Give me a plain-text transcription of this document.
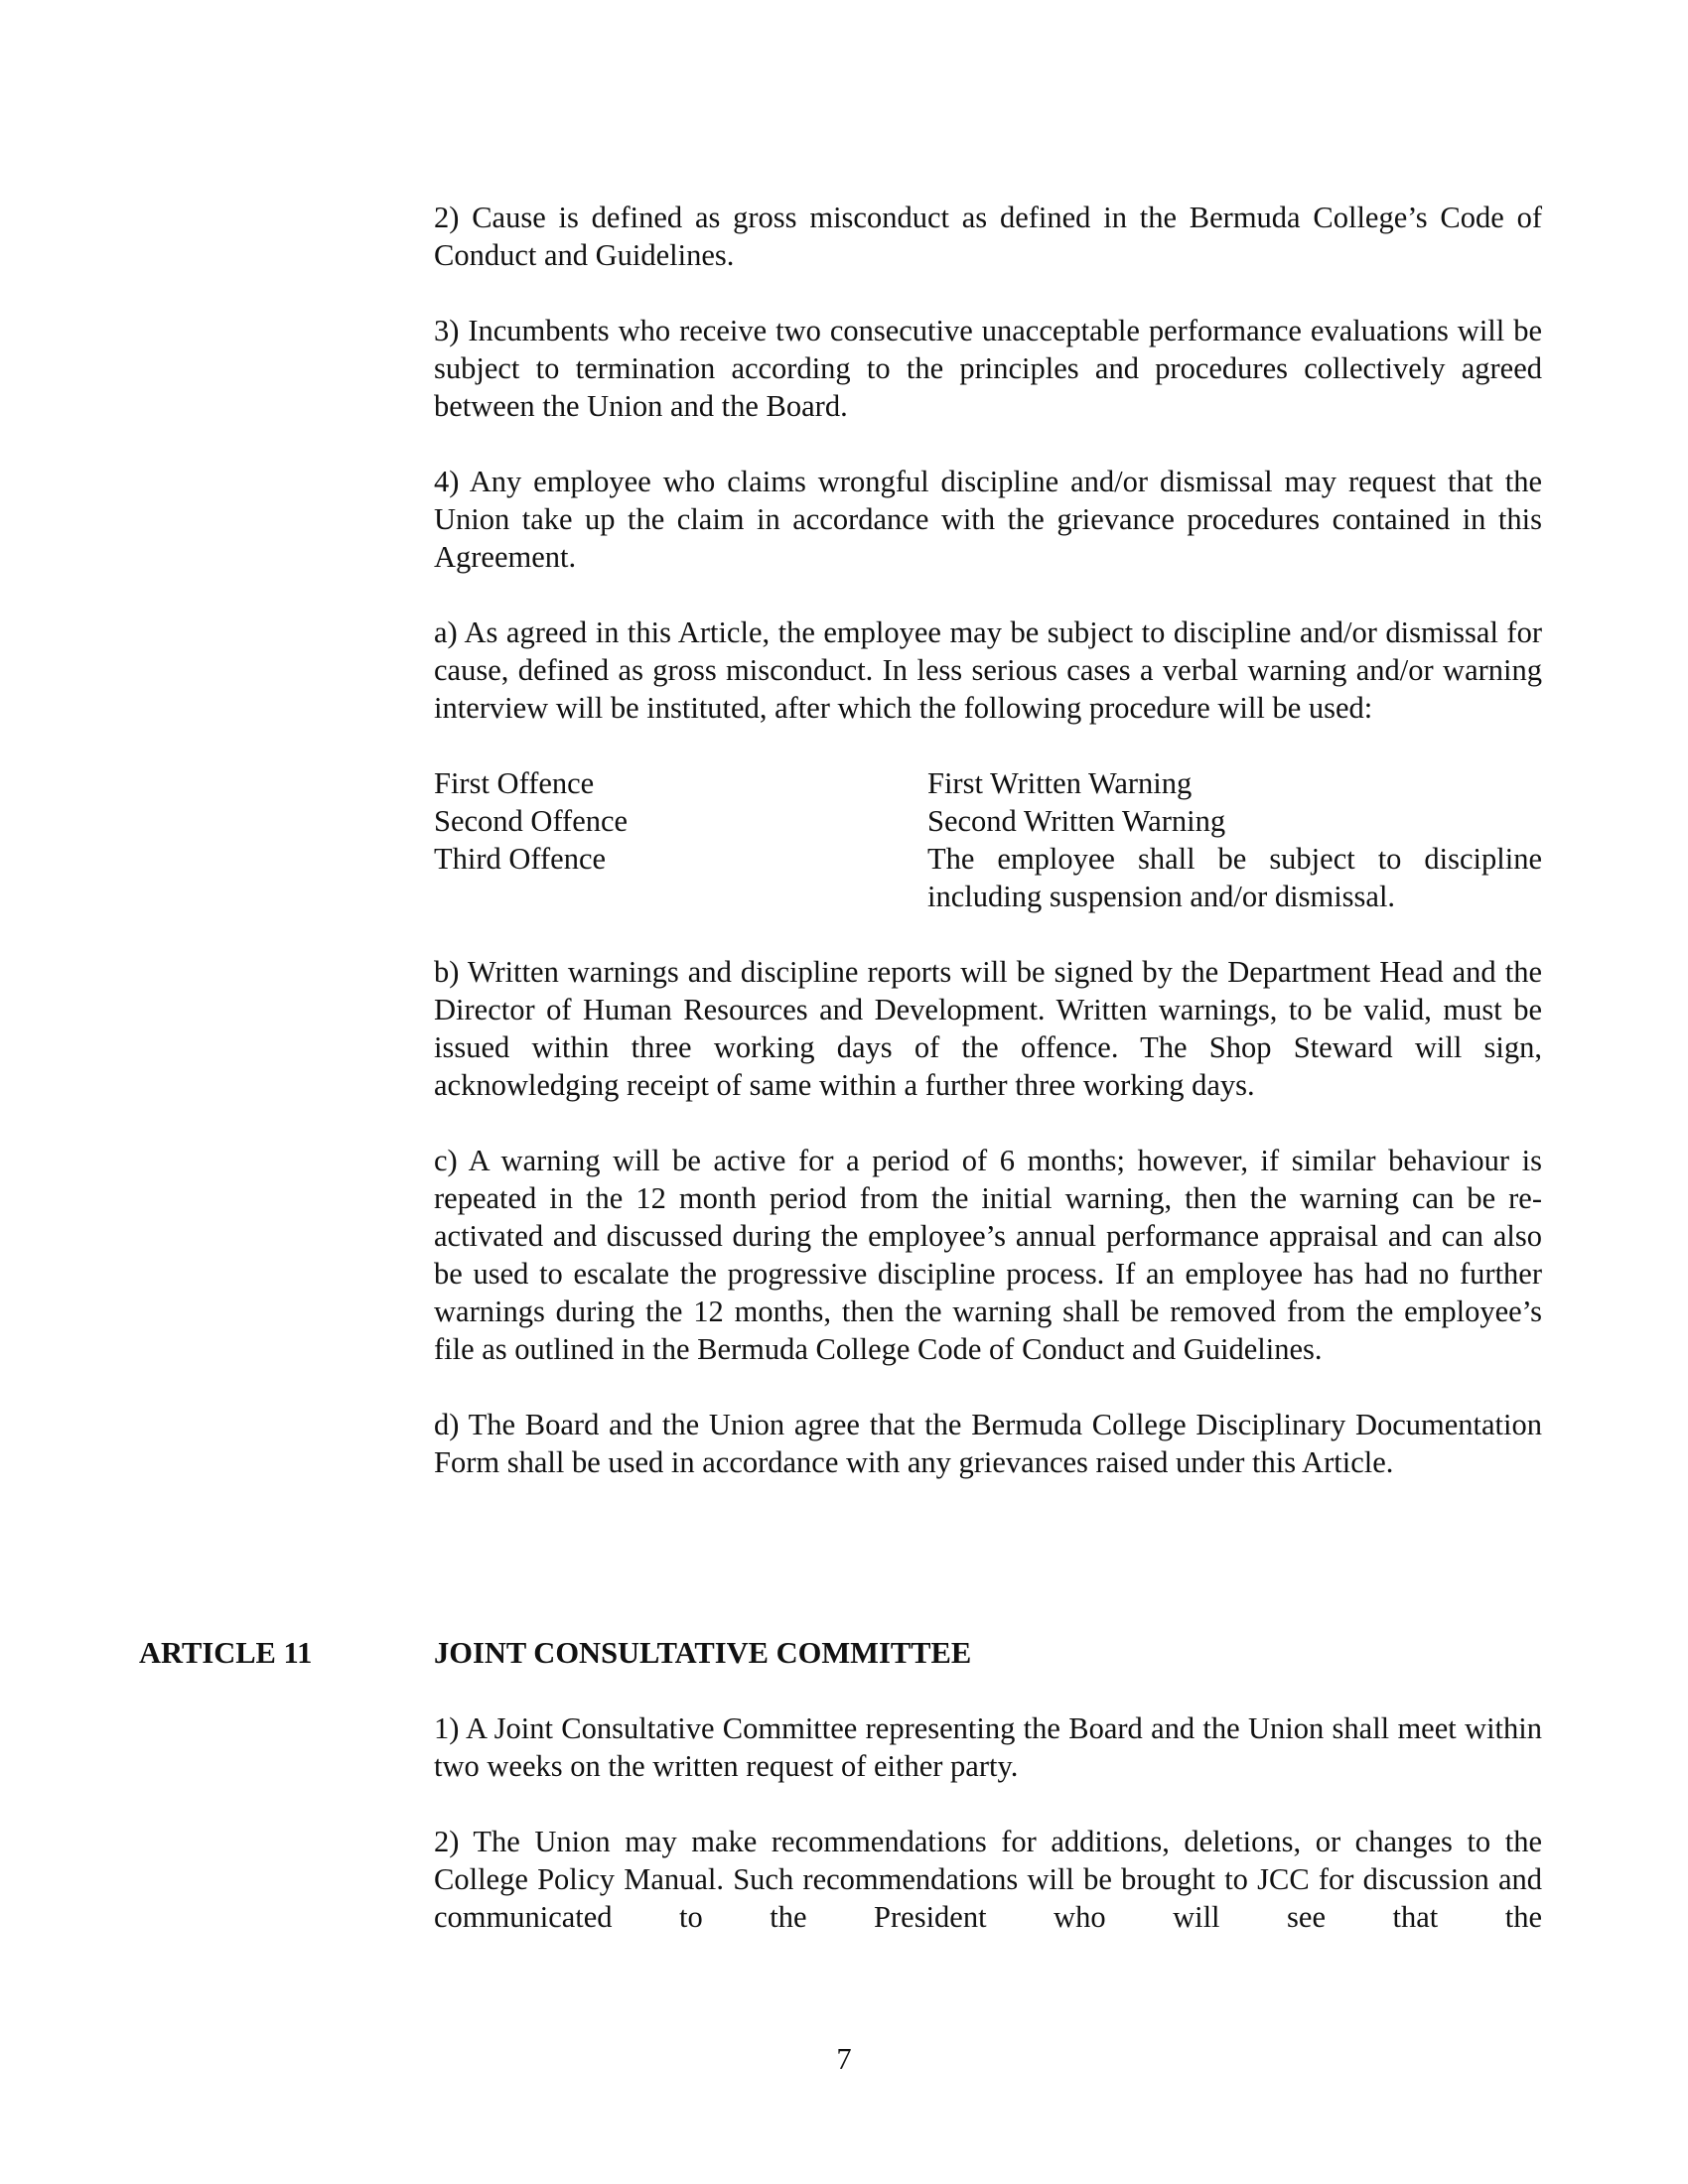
2) Cause is defined as gross misconduct as defined in the Bermuda College’s Code of Conduct and Guidelines.

3) Incumbents who receive two consecutive unacceptable performance evaluations will be subject to termination according to the principles and procedures collectively agreed between the Union and the Board.

4) Any employee who claims wrongful discipline and/or dismissal may request that the Union take up the claim in accordance with the grievance procedures contained in this Agreement.

a) As agreed in this Article, the employee may be subject to discipline and/or dismissal for cause, defined as gross misconduct. In less serious cases a verbal warning and/or warning interview will be instituted, after which the following procedure will be used:

First Offence	First Written Warning
Second Offence	Second Written Warning
Third Offence	The employee shall be subject to discipline including suspension and/or dismissal.

b) Written warnings and discipline reports will be signed by the Department Head and the Director of Human Resources and Development. Written warnings, to be valid, must be issued within three working days of the offence. The Shop Steward will sign, acknowledging receipt of same within a further three working days.

c) A warning will be active for a period of 6 months; however, if similar behaviour is repeated in the 12 month period from the initial warning, then the warning can be re-activated and discussed during the employee’s annual performance appraisal and can also be used to escalate the progressive discipline process. If an employee has had no further warnings during the 12 months, then the warning shall be removed from the employee’s file as outlined in the Bermuda College Code of Conduct and Guidelines.

d) The Board and the Union agree that the Bermuda College Disciplinary Documentation Form shall be used in accordance with any grievances raised under this Article.

ARTICLE 11	JOINT CONSULTATIVE COMMITTEE

1) A Joint Consultative Committee representing the Board and the Union shall meet within two weeks on the written request of either party.

2) The Union may make recommendations for additions, deletions, or changes to the College Policy Manual. Such recommendations will be brought to JCC for discussion and communicated to the President who will see that the

7
